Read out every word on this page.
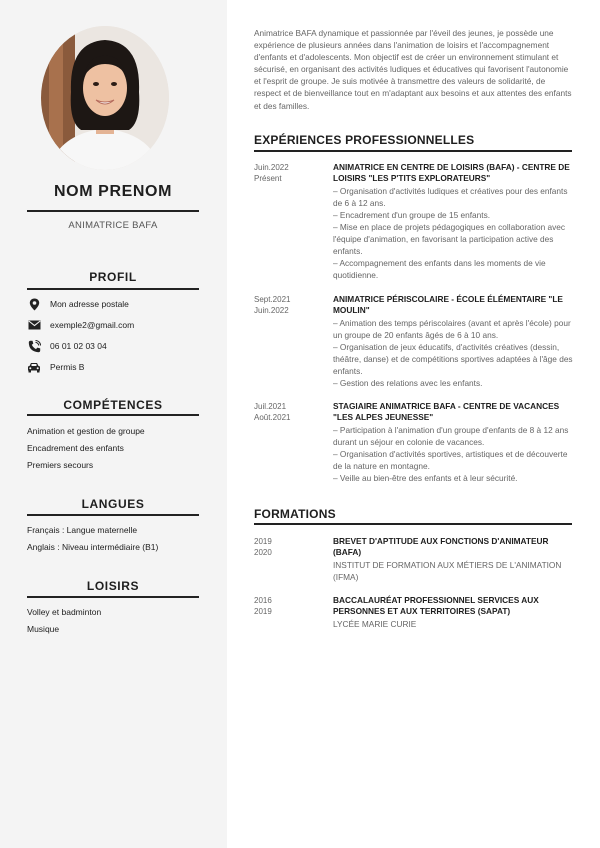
NOM PRENOM
ANIMATRICE BAFA
PROFIL
Mon adresse postale
exemple2@gmail.com
06 01 02 03 04
Permis B
COMPÉTENCES
Animation et gestion de groupe
Encadrement des enfants
Premiers secours
LANGUES
Français : Langue maternelle
Anglais : Niveau intermédiaire (B1)
LOISIRS
Volley et badminton
Musique
Animatrice BAFA dynamique et passionnée par l'éveil des jeunes, je possède une expérience de plusieurs années dans l'animation de loisirs et l'accompagnement d'enfants et d'adolescents. Mon objectif est de créer un environnement stimulant et sécurisé, en organisant des activités ludiques et éducatives qui favorisent l'autonomie et l'esprit de groupe. Je suis motivée à transmettre des valeurs de solidarité, de respect et de bienveillance tout en m'adaptant aux besoins et aux attentes des enfants et des familles.
EXPÉRIENCES PROFESSIONNELLES
Juin.2022
Présent
ANIMATRICE EN CENTRE DE LOISIRS (BAFA) - CENTRE DE LOISIRS "LES P'TITS EXPLORATEURS"
– Organisation d'activités ludiques et créatives pour des enfants de 6 à 12 ans.
– Encadrement d'un groupe de 15 enfants.
– Mise en place de projets pédagogiques en collaboration avec l'équipe d'animation, en favorisant la participation active des enfants.
– Accompagnement des enfants dans les moments de vie quotidienne.
Sept.2021
Juin.2022
ANIMATRICE PÉRISCOLAIRE - ÉCOLE ÉLÉMENTAIRE "LE MOULIN"
– Animation des temps périscolaires (avant et après l'école) pour un groupe de 20 enfants âgés de 6 à 10 ans.
– Organisation de jeux éducatifs, d'activités créatives (dessin, théâtre, danse) et de compétitions sportives adaptées à l'âge des enfants.
– Gestion des relations avec les enfants.
Juil.2021
Août.2021
STAGIAIRE ANIMATRICE BAFA - CENTRE DE VACANCES "LES ALPES JEUNESSE"
– Participation à l'animation d'un groupe d'enfants de 8 à 12 ans durant un séjour en colonie de vacances.
– Organisation d'activités sportives, artistiques et de découverte de la nature en montagne.
– Veille au bien-être des enfants et à leur sécurité.
FORMATIONS
2019
2020
BREVET D'APTITUDE AUX FONCTIONS D'ANIMATEUR (BAFA)
INSTITUT DE FORMATION AUX MÉTIERS DE L'ANIMATION (IFMA)
2016
2019
BACCALAURÉAT PROFESSIONNEL SERVICES AUX PERSONNES ET AUX TERRITOIRES (SAPAT)
LYCÉE MARIE CURIE
